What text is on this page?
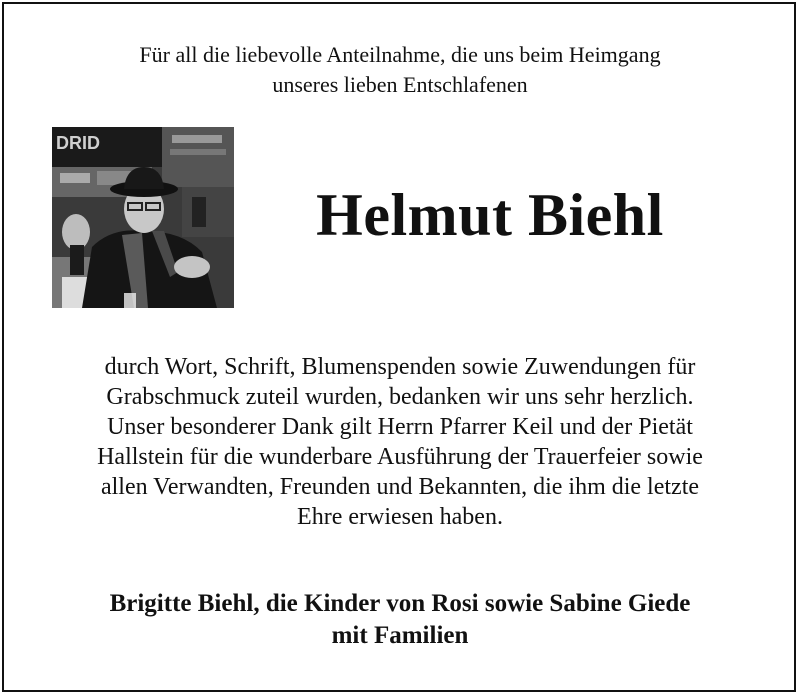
Für all die liebevolle Anteilnahme, die uns beim Heimgang
unseres lieben Entschlafenen
DRID
Helmut Biehl
durch Wort, Schrift, Blumenspenden sowie Zuwendungen für
Grabschmuck zuteil wurden, bedanken wir uns sehr herzlich.
Unser besonderer Dank gilt Herrn Pfarrer Keil und der Pietät
Hallstein für die wunderbare Ausführung der Trauerfeier sowie
allen Verwandten, Freunden und Bekannten, die ihm die letzte
Ehre erwiesen haben.
Brigitte Biehl, die Kinder von Rosi sowie Sabine Giede
mit Familien
